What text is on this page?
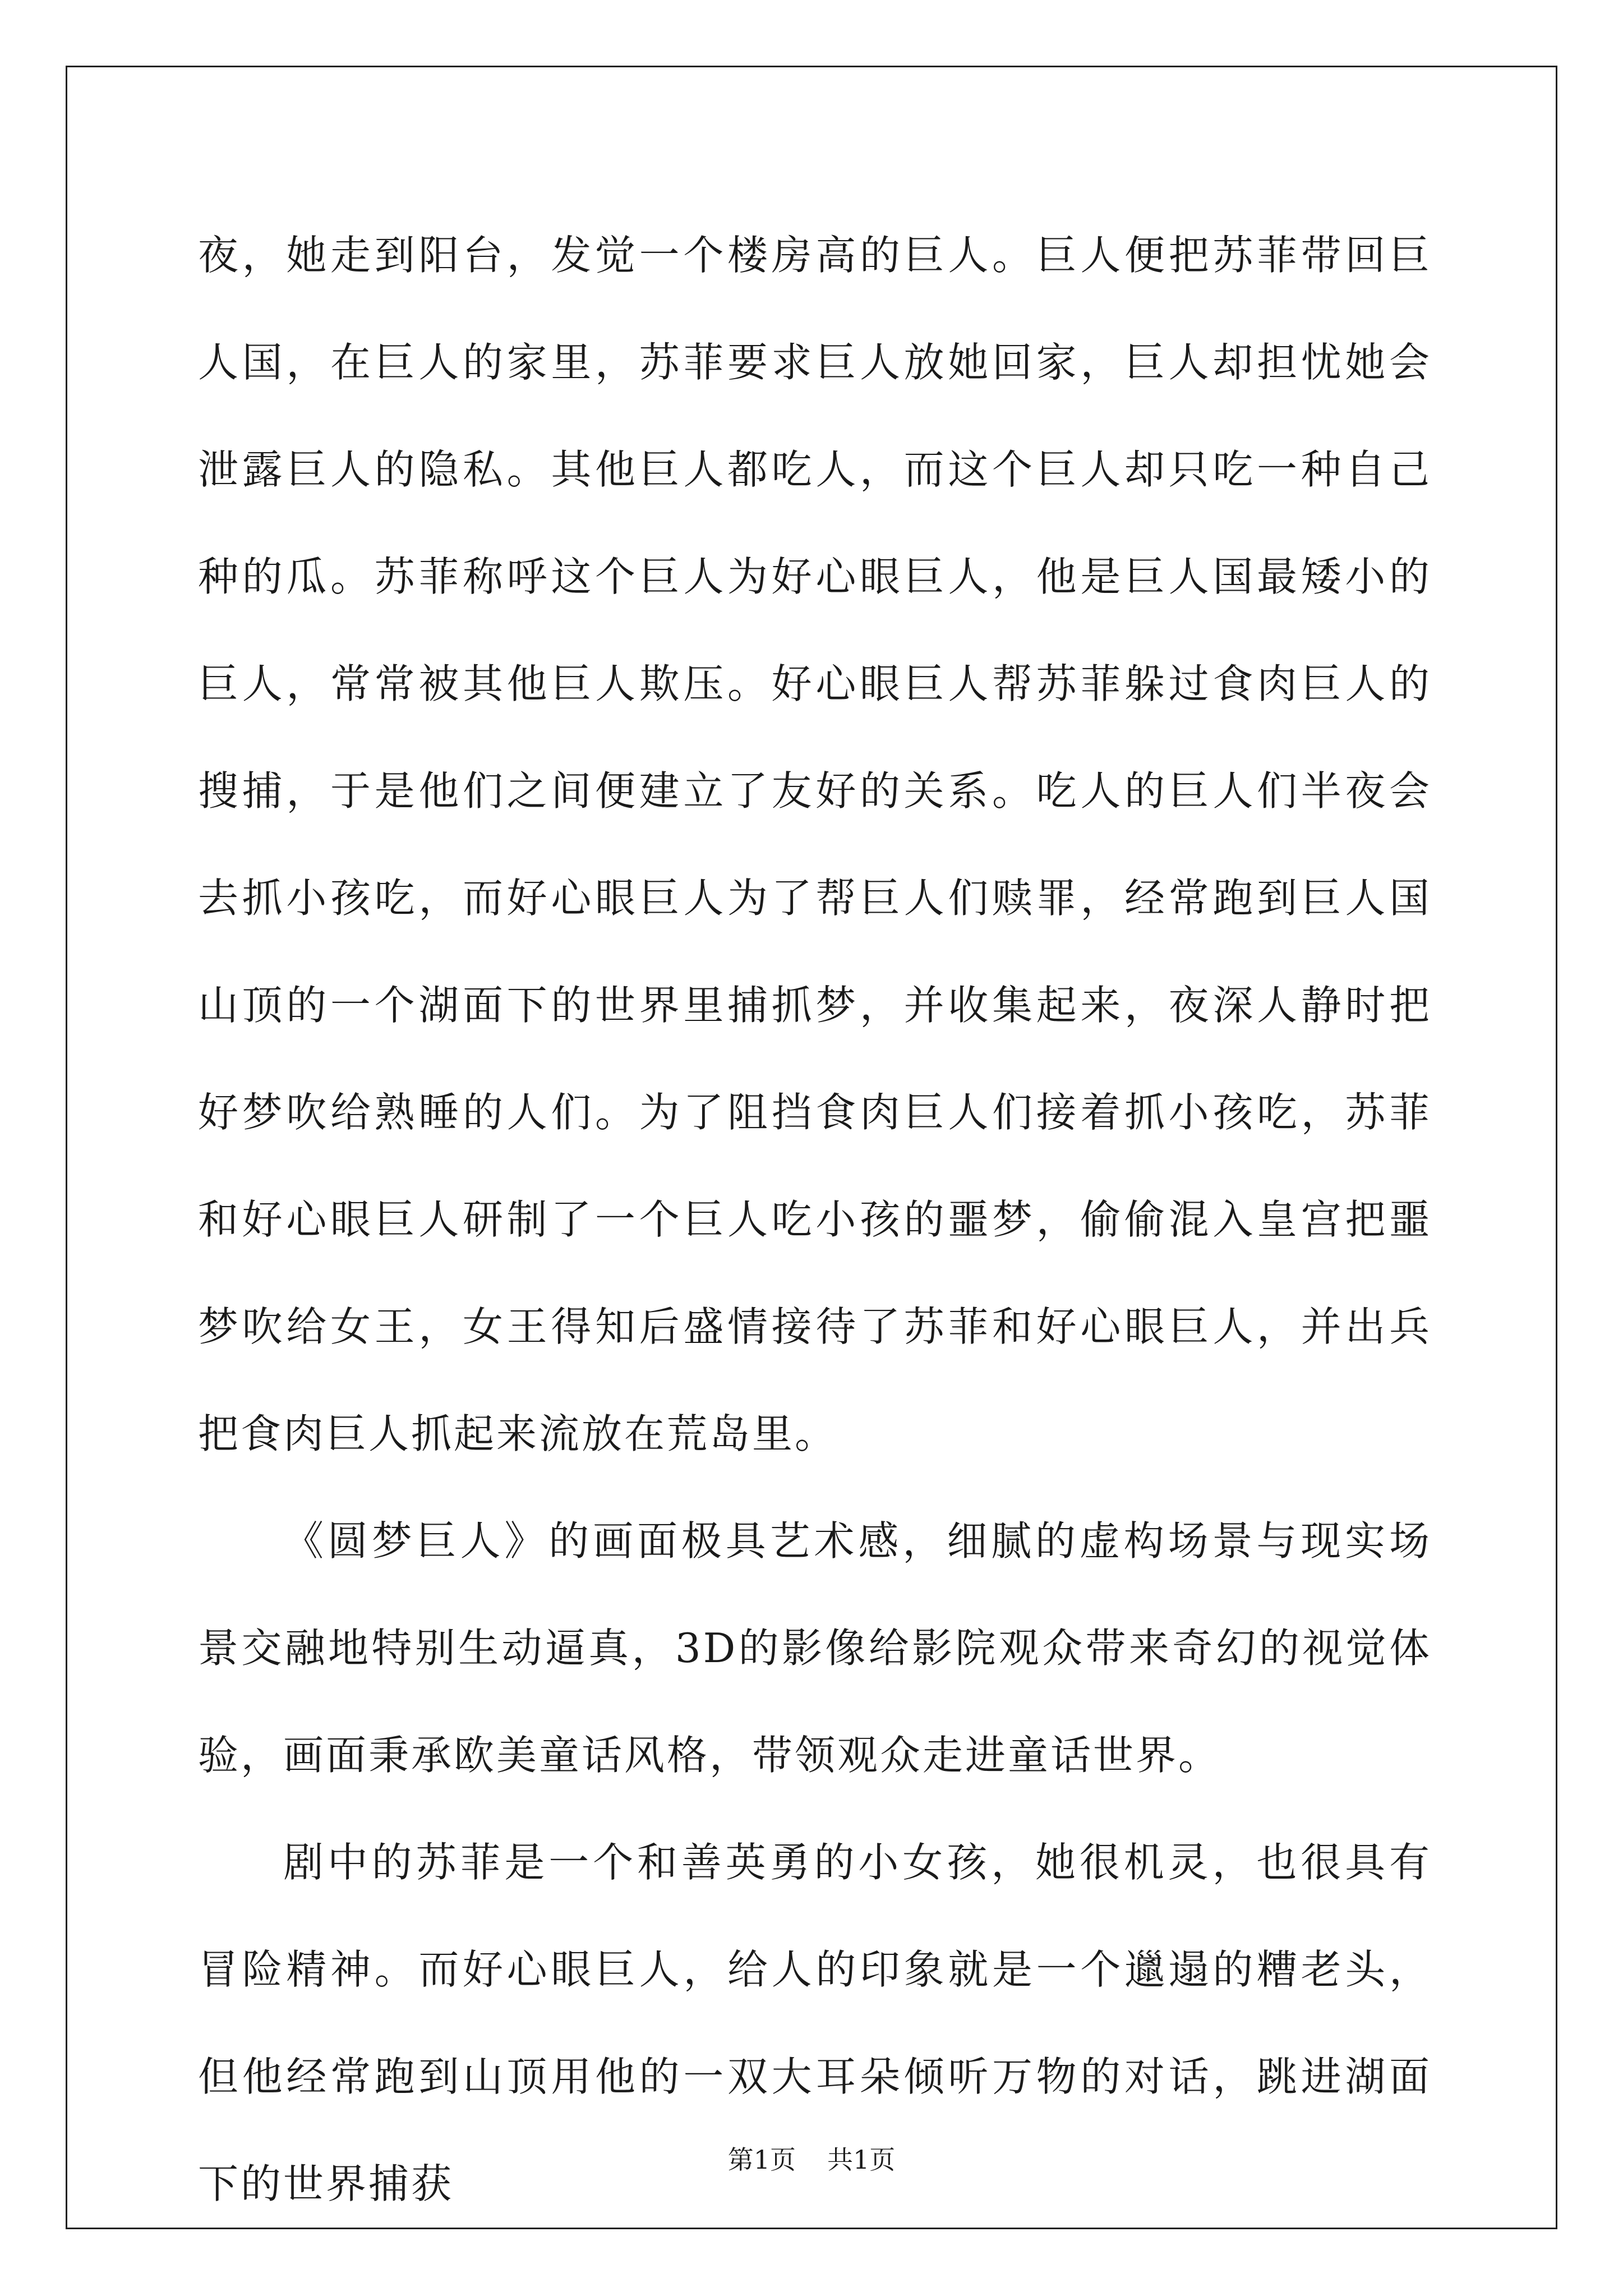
夜，她走到阳台，发觉一个楼房高的巨人。巨人便把苏菲带回巨人国，在巨人的家里，苏菲要求巨人放她回家，巨人却担忧她会泄露巨人的隐私。其他巨人都吃人，而这个巨人却只吃一种自己种的瓜。苏菲称呼这个巨人为好心眼巨人，他是巨人国最矮小的巨人，常常被其他巨人欺压。好心眼巨人帮苏菲躲过食肉巨人的搜捕，于是他们之间便建立了友好的关系。吃人的巨人们半夜会去抓小孩吃，而好心眼巨人为了帮巨人们赎罪，经常跑到巨人国山顶的一个湖面下的世界里捕抓梦，并收集起来，夜深人静时把好梦吹给熟睡的人们。为了阻挡食肉巨人们接着抓小孩吃，苏菲和好心眼巨人研制了一个巨人吃小孩的噩梦，偷偷混入皇宫把噩梦吹给女王，女王得知后盛情接待了苏菲和好心眼巨人，并出兵把食肉巨人抓起来流放在荒岛里。

《圆梦巨人》的画面极具艺术感，细腻的虚构场景与现实场景交融地特别生动逼真，3D的影像给影院观众带来奇幻的视觉体验，画面秉承欧美童话风格，带领观众走进童话世界。

剧中的苏菲是一个和善英勇的小女孩，她很机灵，也很具有冒险精神。而好心眼巨人，给人的印象就是一个邋遢的糟老头，但他经常跑到山顶用他的一双大耳朵倾听万物的对话，跳进湖面下的世界捕获

第1页 共1页
